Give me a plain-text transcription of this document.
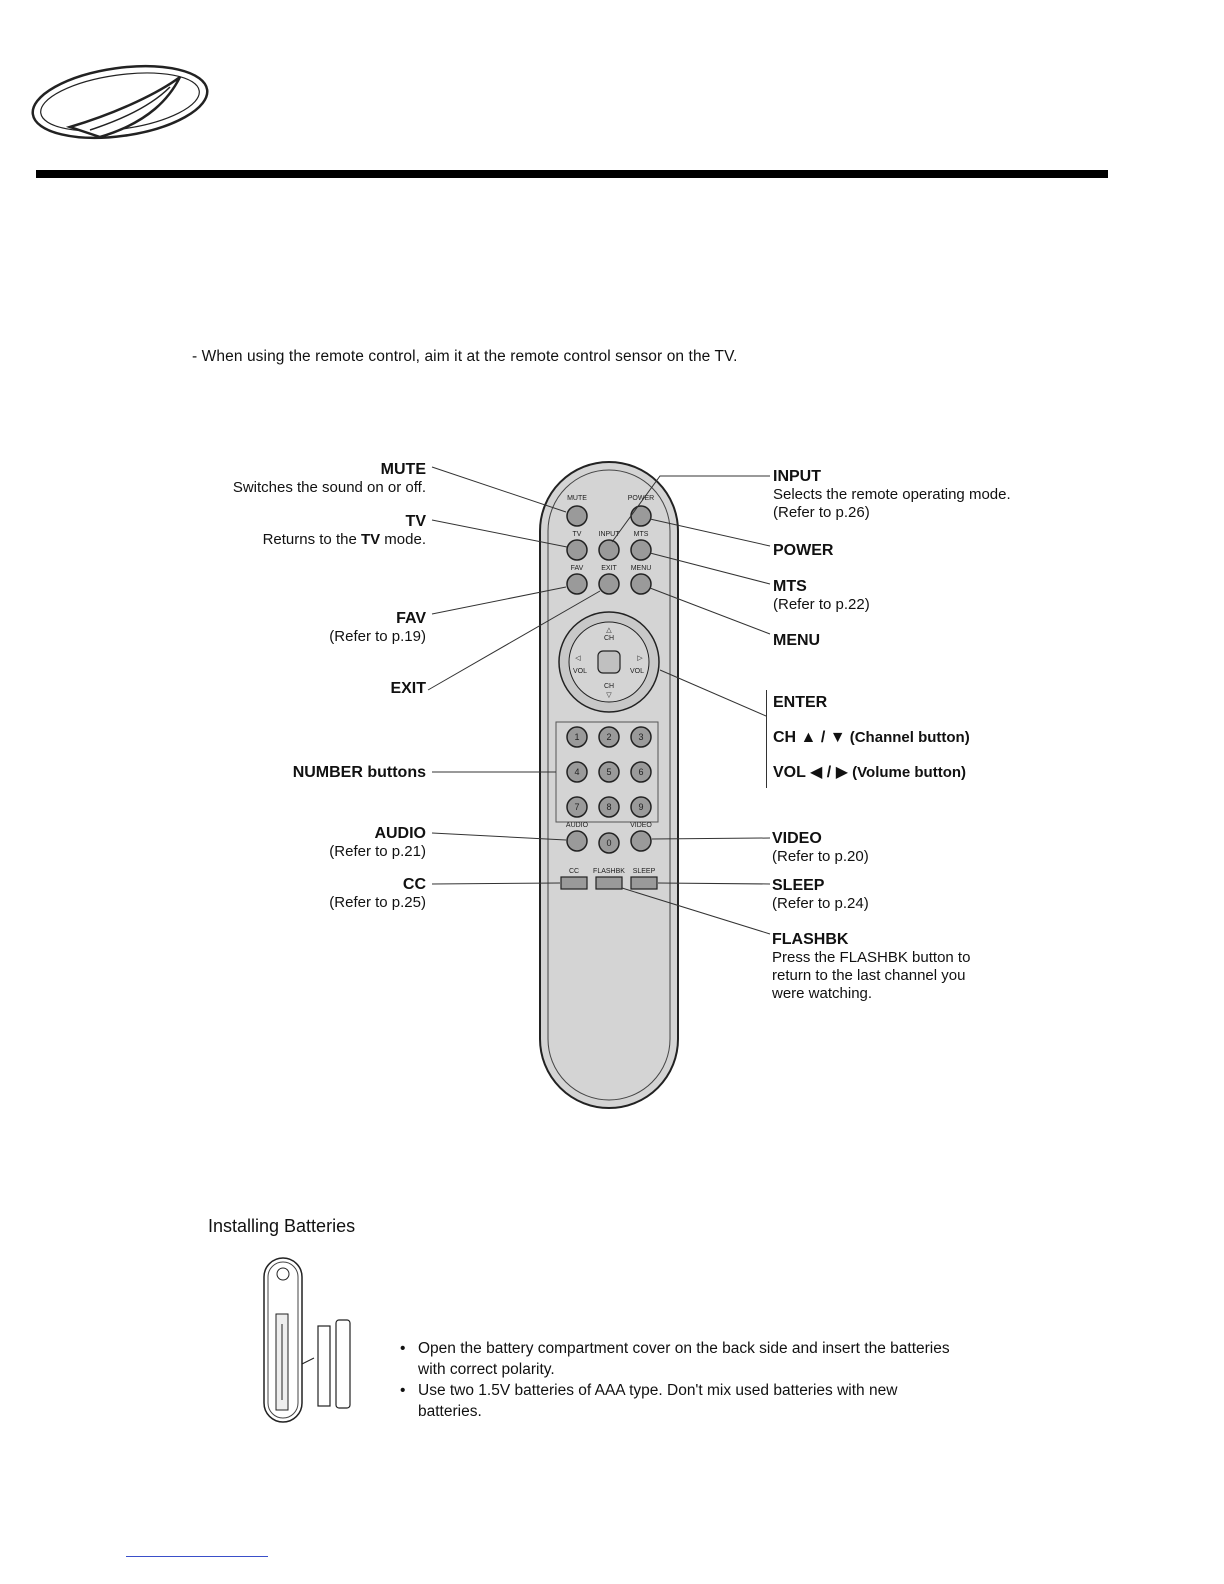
- When using the remote control, aim it at the remote control sensor on the TV.
MUTE	POWER
TV INPUT MTS
FAV	EXIT MENU
△
CH
CH
▽
◁
VOL
▷
VOL
1	2	3
4	5	6
7	8	9
0
AUDIO	VIDEO
CC FLASHBK SLEEP
MUTE
Switches the sound on or off.
TV
Returns to the TV mode.
FAV
(Refer to p.19)
EXIT
NUMBER buttons
AUDIO
(Refer to p.21)
CC
(Refer to p.25)
INPUT
Selects the remote operating mode.
(Refer to p.26)
POWER
MTS
(Refer to p.22)
MENU
ENTER
CH ▲ / ▼ (Channel button)
VOL ◀ / ▶ (Volume button)
VIDEO
(Refer to p.20)
SLEEP
(Refer to p.24)
FLASHBK
Press the FLASHBK button to return to the last channel you were watching.
Installing Batteries
• Open the battery compartment cover on the back side and insert the batteries with correct polarity.
• Use two 1.5V batteries of AAA type. Don't mix used batteries with new batteries.
